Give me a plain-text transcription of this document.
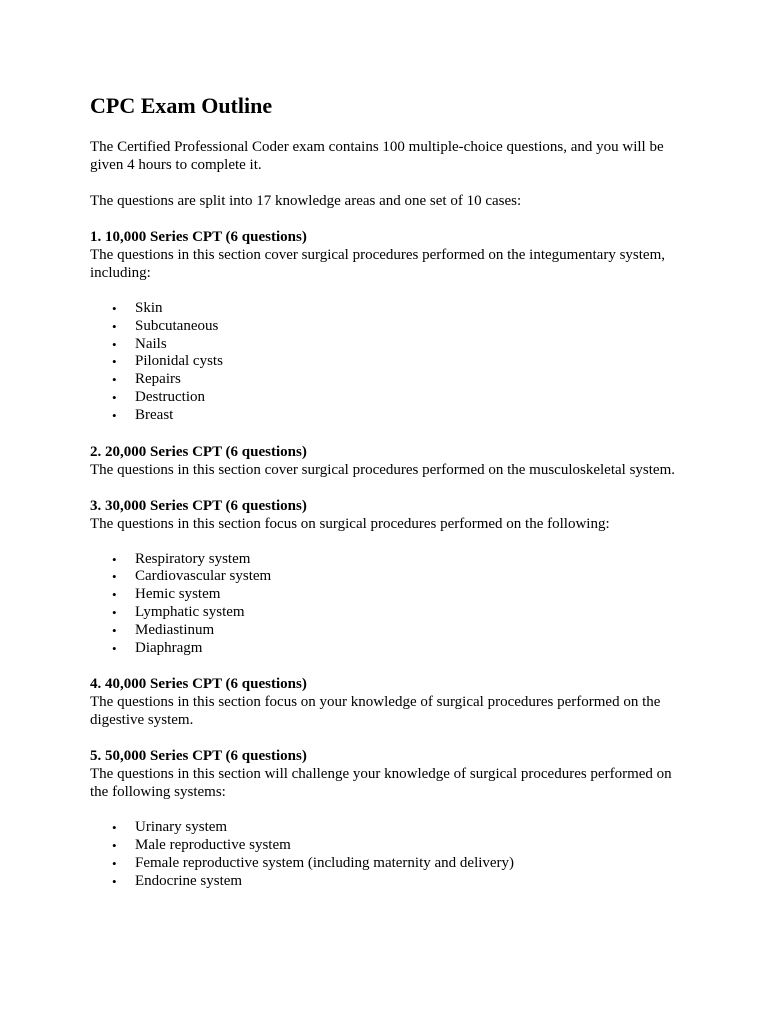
CPC Exam Outline

The Certified Professional Coder exam contains 100 multiple-choice questions, and you will be given 4 hours to complete it.

The questions are split into 17 knowledge areas and one set of 10 cases:

1. 10,000 Series CPT (6 questions)

The questions in this section cover surgical procedures performed on the integumentary system, including:

• Skin
• Subcutaneous
• Nails
• Pilonidal cysts
• Repairs
• Destruction
• Breast
2. 20,000 Series CPT (6 questions)

The questions in this section cover surgical procedures performed on the musculoskeletal system.

3. 30,000 Series CPT (6 questions)

The questions in this section focus on surgical procedures performed on the following:

• Respiratory system
• Cardiovascular system
• Hemic system
• Lymphatic system
• Mediastinum
• Diaphragm
4. 40,000 Series CPT (6 questions)

The questions in this section focus on your knowledge of surgical procedures performed on the digestive system.

5. 50,000 Series CPT (6 questions)

The questions in this section will challenge your knowledge of surgical procedures performed on the following systems:

• Urinary system
• Male reproductive system
• Female reproductive system (including maternity and delivery)
• Endocrine system
